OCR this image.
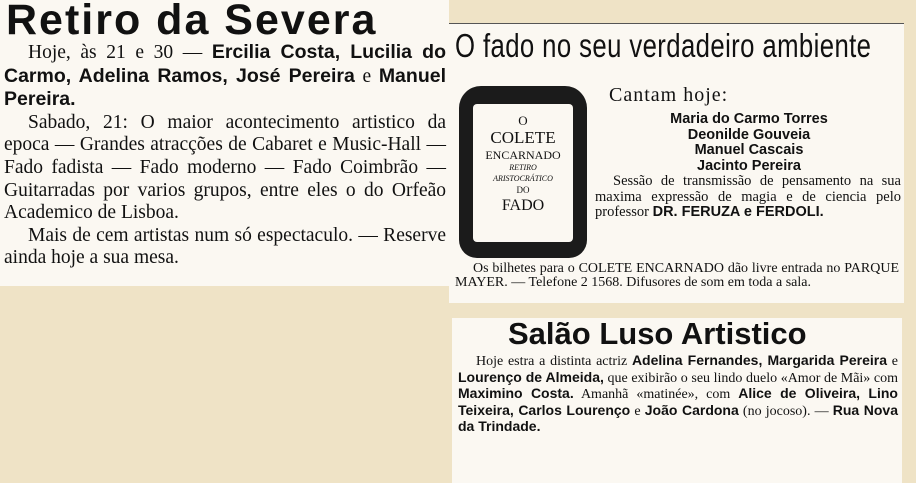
Retiro da Severa

Hoje, às 21 e 30 — Ercilia Costa, Lucilia do Carmo, Adelina Ramos, José Pereira e Manuel Pereira.

Sabado, 21: O maior acontecimento artistico da epoca — Grandes atracções de Cabaret e Music-Hall — Fado fadista — Fado moderno — Fado Coimbrão — Guitarradas por varios grupos, entre eles o do Orfeão Academico de Lisboa.

Mais de cem artistas num só espectaculo. — Reserve ainda hoje a sua mesa.

O fado no seu verdadeiro ambiente
O
COLETE
ENCARNADO
RETIRO
ARISTOCRÁTICO
DO
FADO
Cantam hoje:
Maria do Carmo Torres
Deonilde Gouveia
Manuel Cascais
Jacinto Pereira

Sessão de transmissão de pensamento na sua maxima expressão de magia e de ciencia pelo professor DR. FERUZA e FERDOLI.

Os bilhetes para o COLETE ENCARNADO dão livre entrada no PARQUE MAYER. — Telefone 2 1568. Difusores de som em toda a sala.

Salão Luso Artistico

Hoje estra a distinta actriz Adelina Fernandes, Margarida Pereira e Lourenço de Almeida, que exibirão o seu lindo duelo «Amor de Mãi» com Maximino Costa. Amanhã «matinée», com Alice de Oliveira, Lino Teixeira, Carlos Lourenço e João Cardona (no jocoso). — Rua Nova da Trindade.
